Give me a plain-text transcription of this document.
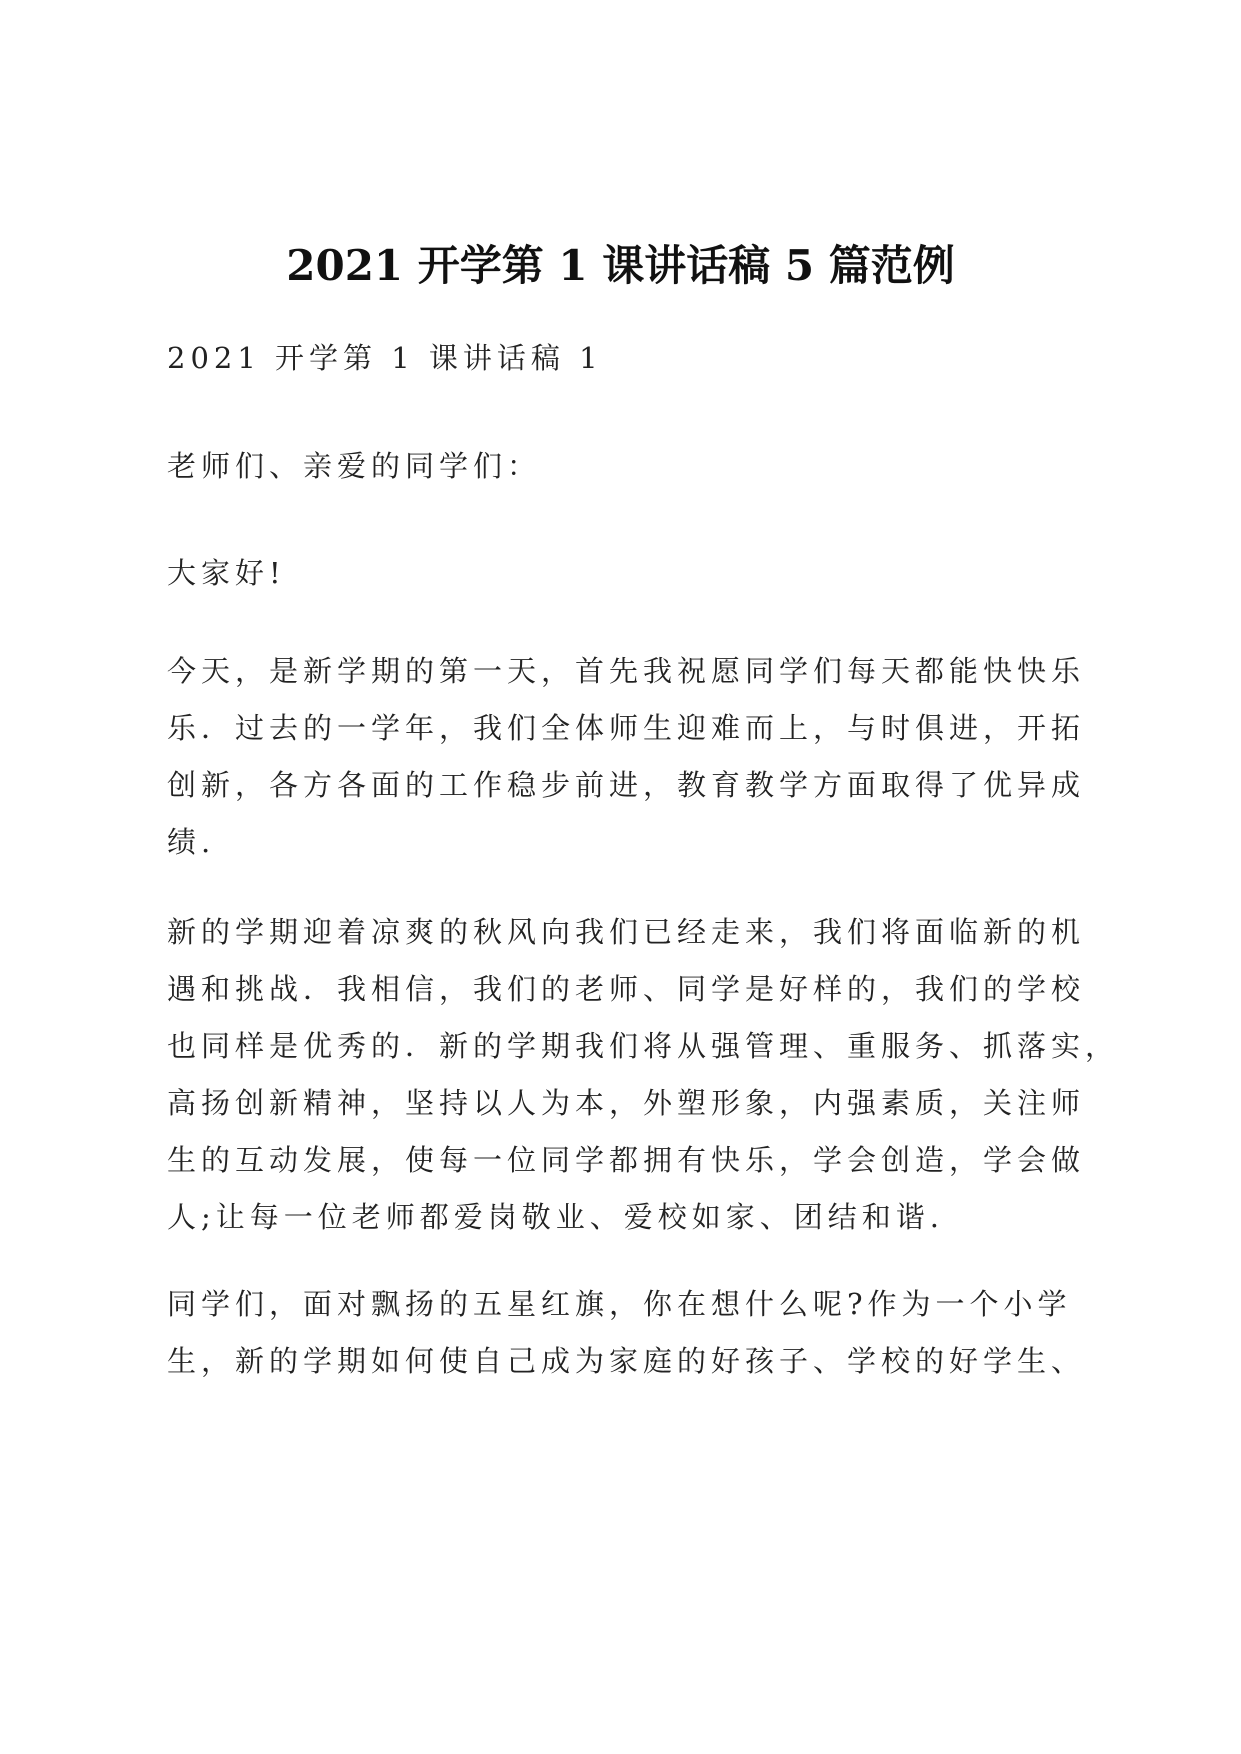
2021 开学第 1 课讲话稿 5 篇范例

2021 开学第 1 课讲话稿 1

老师们、亲爱的同学们：

大家好!

今天，是新学期的第一天，首先我祝愿同学们每天都能快快乐
乐．过去的一学年，我们全体师生迎难而上，与时俱进，开拓
创新，各方各面的工作稳步前进，教育教学方面取得了优异成
绩.
新的学期迎着凉爽的秋风向我们已经走来，我们将面临新的机
遇和挑战．我相信，我们的老师、同学是好样的，我们的学校
也同样是优秀的．新的学期我们将从强管理、重服务、抓落实，
高扬创新精神，坚持以人为本，外塑形象，内强素质，关注师
生的互动发展，使每一位同学都拥有快乐，学会创造，学会做
人;让每一位老师都爱岗敬业、爱校如家、团结和谐.
同学们，面对飘扬的五星红旗，你在想什么呢?作为一个小学
生，新的学期如何使自己成为家庭的好孩子、学校的好学生、
